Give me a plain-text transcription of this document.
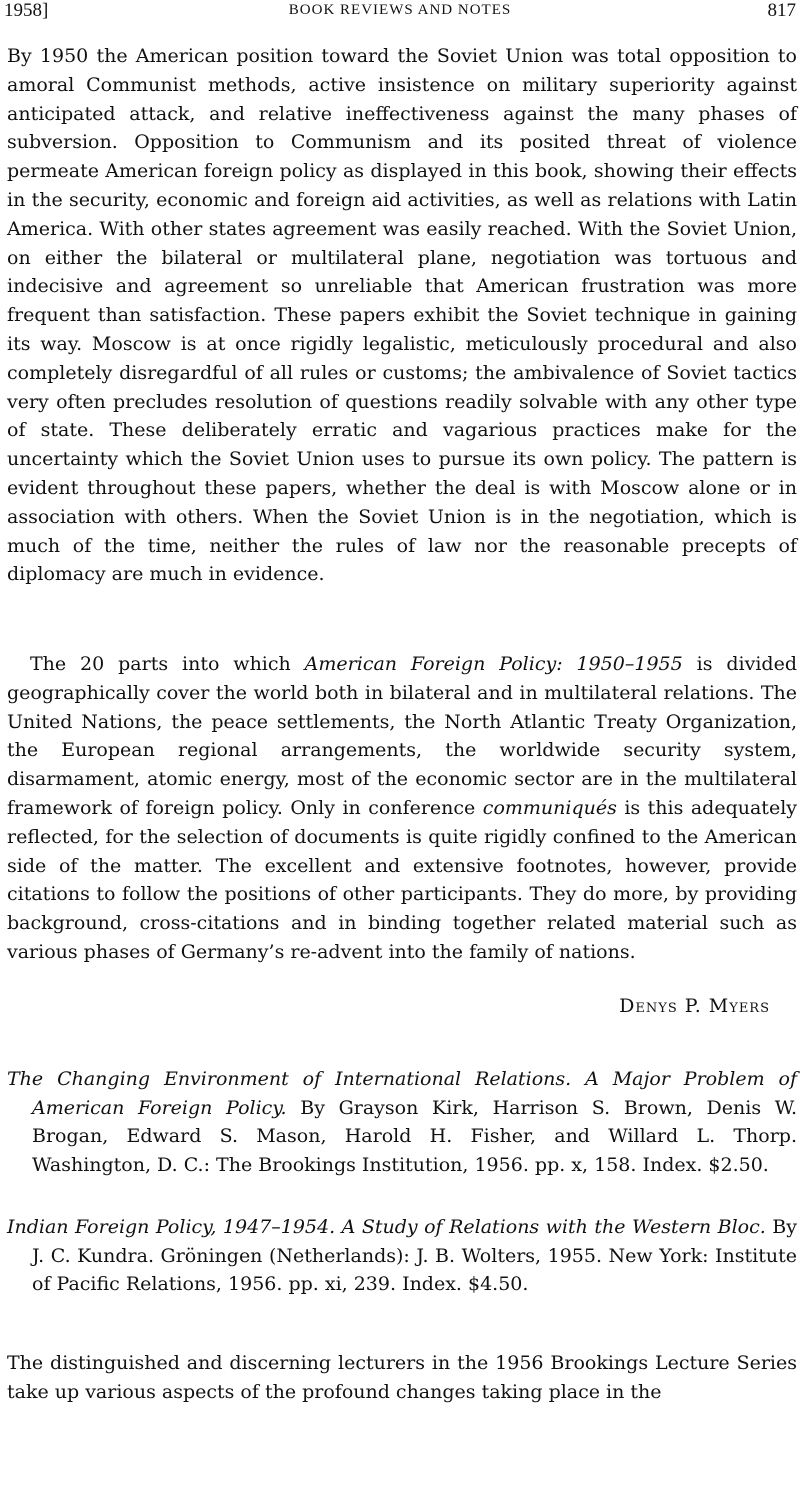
1958]	BOOK REVIEWS AND NOTES	817

By 1950 the American position toward the Soviet Union was total opposition to amoral Communist methods, active insistence on military superiority against anticipated attack, and relative ineffectiveness against the many phases of subversion. Opposition to Communism and its posited threat of violence permeate American foreign policy as displayed in this book, showing their effects in the security, economic and foreign aid activities, as well as relations with Latin America. With other states agreement was easily reached. With the Soviet Union, on either the bilateral or multilateral plane, negotiation was tortuous and indecisive and agreement so unreliable that American frustration was more frequent than satisfaction. These papers exhibit the Soviet technique in gaining its way. Moscow is at once rigidly legalistic, meticulously procedural and also completely disregardful of all rules or customs; the ambivalence of Soviet tactics very often precludes resolution of questions readily solvable with any other type of state. These deliberately erratic and vagarious practices make for the uncertainty which the Soviet Union uses to pursue its own policy. The pattern is evident throughout these papers, whether the deal is with Moscow alone or in association with others. When the Soviet Union is in the negotiation, which is much of the time, neither the rules of law nor the reasonable precepts of diplomacy are much in evidence.

The 20 parts into which American Foreign Policy: 1950–1955 is divided geographically cover the world both in bilateral and in multilateral relations. The United Nations, the peace settlements, the North Atlantic Treaty Organization, the European regional arrangements, the worldwide security system, disarmament, atomic energy, most of the economic sector are in the multilateral framework of foreign policy. Only in conference communiqués is this adequately reflected, for the selection of documents is quite rigidly confined to the American side of the matter. The excellent and extensive footnotes, however, provide citations to follow the positions of other participants. They do more, by providing background, cross-citations and in binding together related material such as various phases of Germany’s re-advent into the family of nations.

Denys P. Myers

The Changing Environment of International Relations. A Major Problem of American Foreign Policy. By Grayson Kirk, Harrison S. Brown, Denis W. Brogan, Edward S. Mason, Harold H. Fisher, and Willard L. Thorp. Washington, D. C.: The Brookings Institution, 1956. pp. x, 158. Index. $2.50.

Indian Foreign Policy, 1947–1954. A Study of Relations with the Western Bloc. By J. C. Kundra. Gröningen (Netherlands): J. B. Wolters, 1955. New York: Institute of Pacific Relations, 1956. pp. xi, 239. Index. $4.50.

The distinguished and discerning lecturers in the 1956 Brookings Lecture Series take up various aspects of the profound changes taking place in the
